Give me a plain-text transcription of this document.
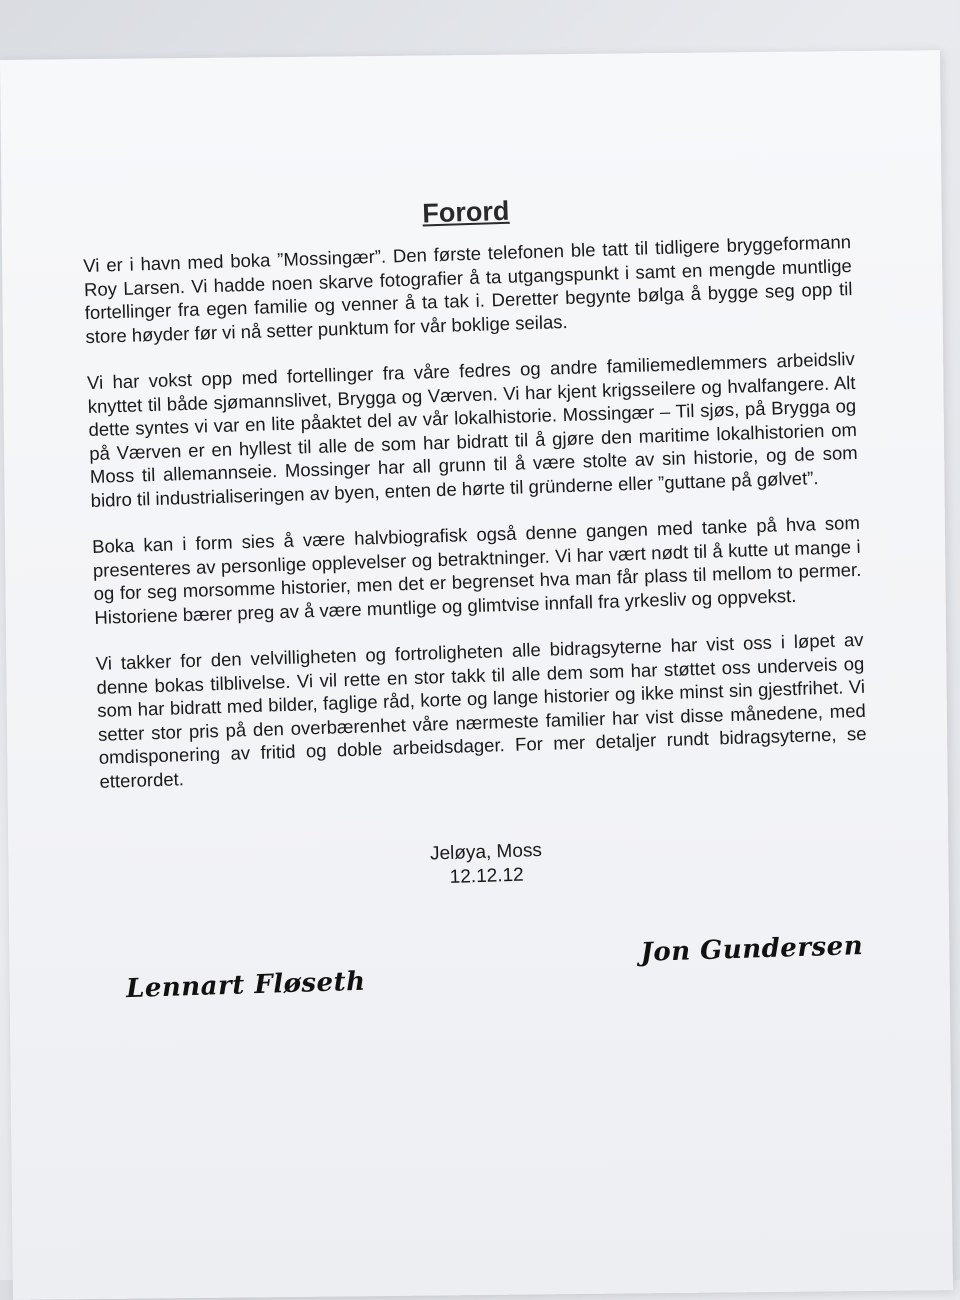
Forord

Vi er i havn med boka ”Mossingær”. Den første telefonen ble tatt til tidligere bryggeformann Roy Larsen. Vi hadde noen skarve fotografier å ta utgangspunkt i samt en mengde muntlige fortellinger fra egen familie og venner å ta tak i. Deretter begynte bølga å bygge seg opp til store høyder før vi nå setter punktum for vår boklige seilas.

Vi har vokst opp med fortellinger fra våre fedres og andre familiemedlemmers arbeidsliv knyttet til både sjømannslivet, Brygga og Værven. Vi har kjent krigsseilere og hvalfangere. Alt dette syntes vi var en lite påaktet del av vår lokalhistorie. Mossingær – Til sjøs, på Brygga og på Værven er en hyllest til alle de som har bidratt til å gjøre den maritime lokalhistorien om Moss til allemannseie. Mossinger har all grunn til å være stolte av sin historie, og de som bidro til industrialiseringen av byen, enten de hørte til gründerne eller ”guttane på gølvet”.

Boka kan i form sies å være halvbiografisk også denne gangen med tanke på hva som presenteres av personlige opplevelser og betraktninger. Vi har vært nødt til å kutte ut mange i og for seg morsomme historier, men det er begrenset hva man får plass til mellom to permer. Historiene bærer preg av å være muntlige og glimtvise innfall fra yrkesliv og oppvekst.

Vi takker for den velvilligheten og fortroligheten alle bidragsyterne har vist oss i løpet av denne bokas tilblivelse. Vi vil rette en stor takk til alle dem som har støttet oss underveis og som har bidratt med bilder, faglige råd, korte og lange historier og ikke minst sin gjestfrihet. Vi setter stor pris på den overbærenhet våre nærmeste familier har vist disse månedene, med omdisponering av fritid og doble arbeidsdager. For mer detaljer rundt bidragsyterne, se etterordet.

Jeløya, Moss
12.12.12
Lennart Fløseth
Jon Gundersen
